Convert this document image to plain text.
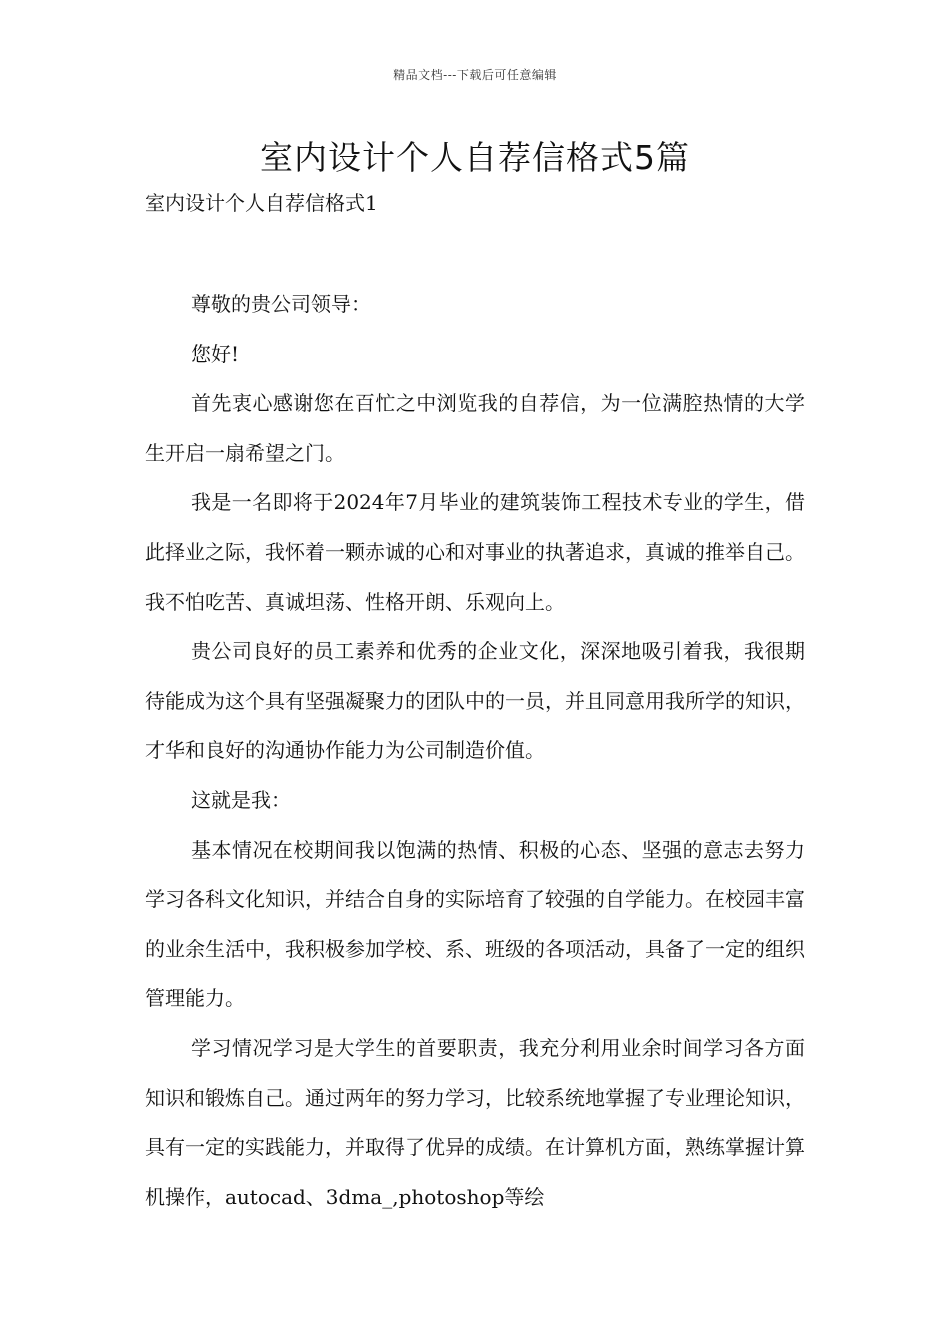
精品文档---下载后可任意编辑
室内设计个人自荐信格式5篇
室内设计个人自荐信格式1

尊敬的贵公司领导：

您好!

首先衷心感谢您在百忙之中浏览我的自荐信，为一位满腔热情的大学生开启一扇希望之门。

我是一名即将于2024年7月毕业的建筑装饰工程技术专业的学生，借此择业之际，我怀着一颗赤诚的心和对事业的执著追求，真诚的推举自己。我不怕吃苦、真诚坦荡、性格开朗、乐观向上。

贵公司良好的员工素养和优秀的企业文化，深深地吸引着我，我很期待能成为这个具有坚强凝聚力的团队中的一员，并且同意用我所学的知识，才华和良好的沟通协作能力为公司制造价值。

这就是我：

基本情况在校期间我以饱满的热情、积极的心态、坚强的意志去努力学习各科文化知识，并结合自身的实际培育了较强的自学能力。在校园丰富的业余生活中，我积极参加学校、系、班级的各项活动，具备了一定的组织管理能力。

学习情况学习是大学生的首要职责，我充分利用业余时间学习各方面知识和锻炼自己。通过两年的努力学习，比较系统地掌握了专业理论知识，具有一定的实践能力，并取得了优异的成绩。在计算机方面，熟练掌握计算机操作，autocad、3dma_,photoshop等绘
